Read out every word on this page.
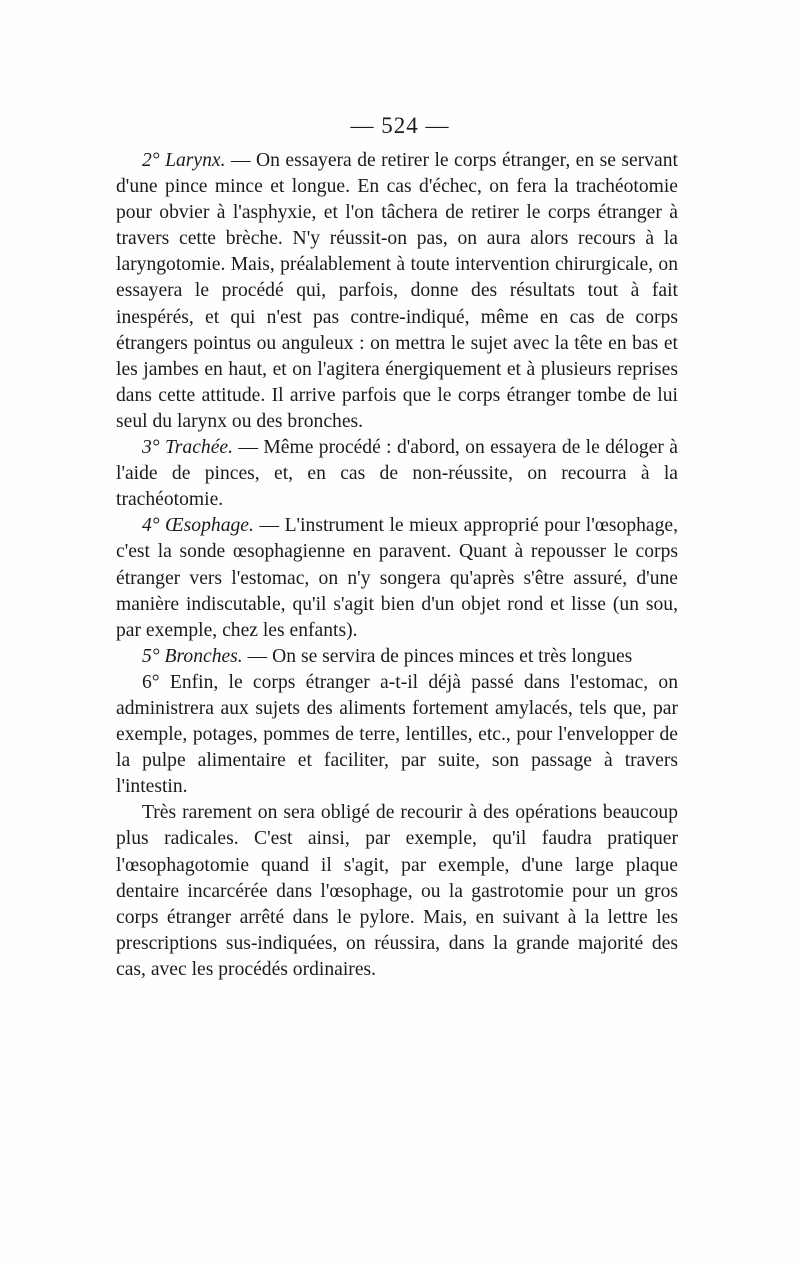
— 524 —

2° Larynx. — On essayera de retirer le corps étranger, en se servant d'une pince mince et longue. En cas d'échec, on fera la trachéotomie pour obvier à l'asphyxie, et l'on tâchera de retirer le corps étranger à travers cette brèche. N'y réussit-on pas, on aura alors recours à la laryngotomie. Mais, préalablement à toute intervention chirurgicale, on essayera le procédé qui, parfois, donne des résultats tout à fait inespérés, et qui n'est pas contre-indiqué, même en cas de corps étrangers pointus ou anguleux : on mettra le sujet avec la tête en bas et les jambes en haut, et on l'agitera énergiquement et à plusieurs reprises dans cette attitude. Il arrive parfois que le corps étranger tombe de lui seul du larynx ou des bronches.

3° Trachée. — Même procédé : d'abord, on essayera de le déloger à l'aide de pinces, et, en cas de non-réussite, on recourra à la trachéotomie.

4° Œsophage. — L'instrument le mieux approprié pour l'œsophage, c'est la sonde œsophagienne en paravent. Quant à repousser le corps étranger vers l'estomac, on n'y songera qu'après s'être assuré, d'une manière indiscutable, qu'il s'agit bien d'un objet rond et lisse (un sou, par exemple, chez les enfants).

5° Bronches. — On se servira de pinces minces et très longues

6° Enfin, le corps étranger a-t-il déjà passé dans l'estomac, on administrera aux sujets des aliments fortement amylacés, tels que, par exemple, potages, pommes de terre, lentilles, etc., pour l'envelopper de la pulpe alimentaire et faciliter, par suite, son passage à travers l'intestin.

Très rarement on sera obligé de recourir à des opérations beaucoup plus radicales. C'est ainsi, par exemple, qu'il faudra pratiquer l'œsophagotomie quand il s'agit, par exemple, d'une large plaque dentaire incarcérée dans l'œsophage, ou la gastrotomie pour un gros corps étranger arrêté dans le pylore. Mais, en suivant à la lettre les prescriptions sus-indiquées, on réussira, dans la grande majorité des cas, avec les procédés ordinaires.
